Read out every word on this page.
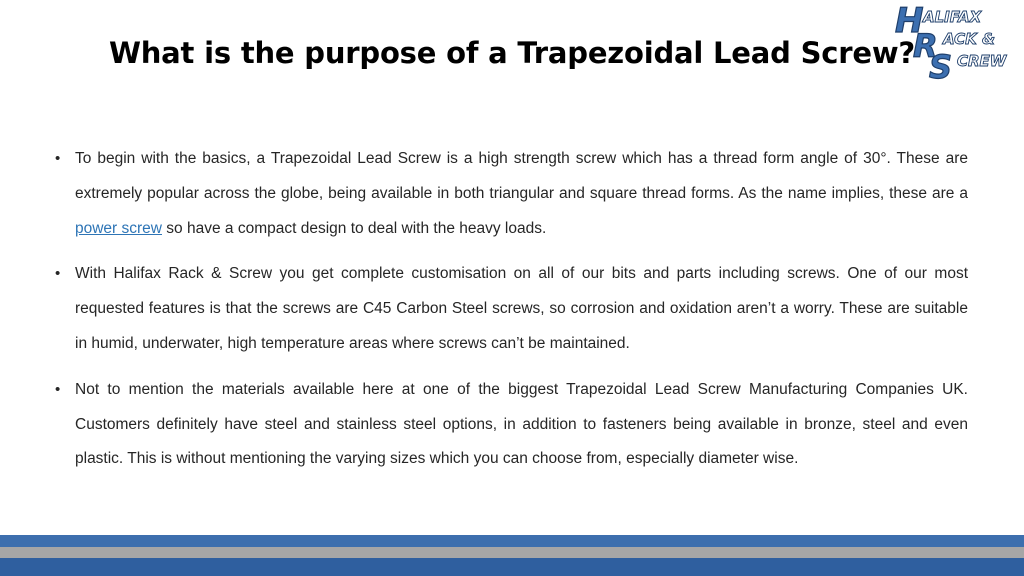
What is the purpose of a Trapezoidal Lead Screw?
H
R
S
ALIFAX
ACK &
CREW
• To begin with the basics, a Trapezoidal Lead Screw is a high strength screw which has a thread form angle of 30°. These are extremely popular across the globe, being available in both triangular and square thread forms. As the name implies, these are a power screw so have a compact design to deal with the heavy loads.
• With Halifax Rack & Screw you get complete customisation on all of our bits and parts including screws. One of our most requested features is that the screws are C45 Carbon Steel screws, so corrosion and oxidation aren’t a worry. These are suitable in humid, underwater, high temperature areas where screws can’t be maintained.
• Not to mention the materials available here at one of the biggest Trapezoidal Lead Screw Manufacturing Companies UK. Customers definitely have steel and stainless steel options, in addition to fasteners being available in bronze, steel and even plastic. This is without mentioning the varying sizes which you can choose from, especially diameter wise.
